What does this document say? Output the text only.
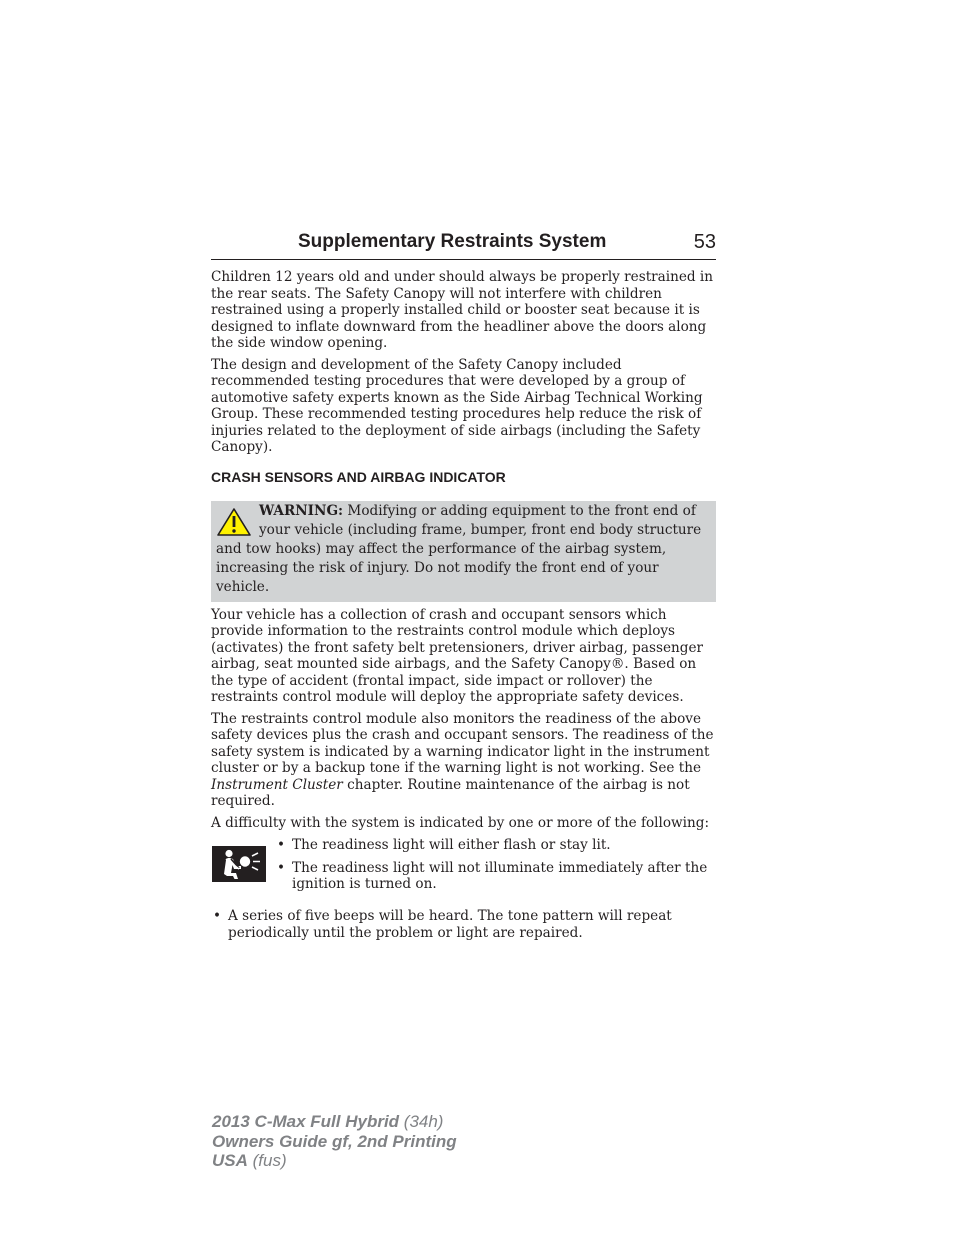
Supplementary Restraints System	53

Children 12 years old and under should always be properly restrained in the rear seats. The Safety Canopy will not interfere with children restrained using a properly installed child or booster seat because it is designed to inflate downward from the headliner above the doors along the side window opening.

The design and development of the Safety Canopy included recommended testing procedures that were developed by a group of automotive safety experts known as the Side Airbag Technical Working Group. These recommended testing procedures help reduce the risk of injuries related to the deployment of side airbags (including the Safety Canopy).

CRASH SENSORS AND AIRBAG INDICATOR
WARNING: Modifying or adding equipment to the front end of your vehicle (including frame, bumper, front end body structure and tow hooks) may affect the performance of the airbag system, increasing the risk of injury. Do not modify the front end of your vehicle.

Your vehicle has a collection of crash and occupant sensors which provide information to the restraints control module which deploys (activates) the front safety belt pretensioners, driver airbag, passenger airbag, seat mounted side airbags, and the Safety Canopy®. Based on the type of accident (frontal impact, side impact or rollover) the restraints control module will deploy the appropriate safety devices.

The restraints control module also monitors the readiness of the above safety devices plus the crash and occupant sensors. The readiness of the safety system is indicated by a warning indicator light in the instrument cluster or by a backup tone if the warning light is not working. See the Instrument Cluster chapter. Routine maintenance of the airbag is not required.

A difficulty with the system is indicated by one or more of the following:

• The readiness light will either flash or stay lit.
• The readiness light will not illuminate immediately after the ignition is turned on.
• A series of five beeps will be heard. The tone pattern will repeat periodically until the problem or light are repaired.
2013 C-Max Full Hybrid (34h)
Owners Guide gf, 2nd Printing
USA (fus)
